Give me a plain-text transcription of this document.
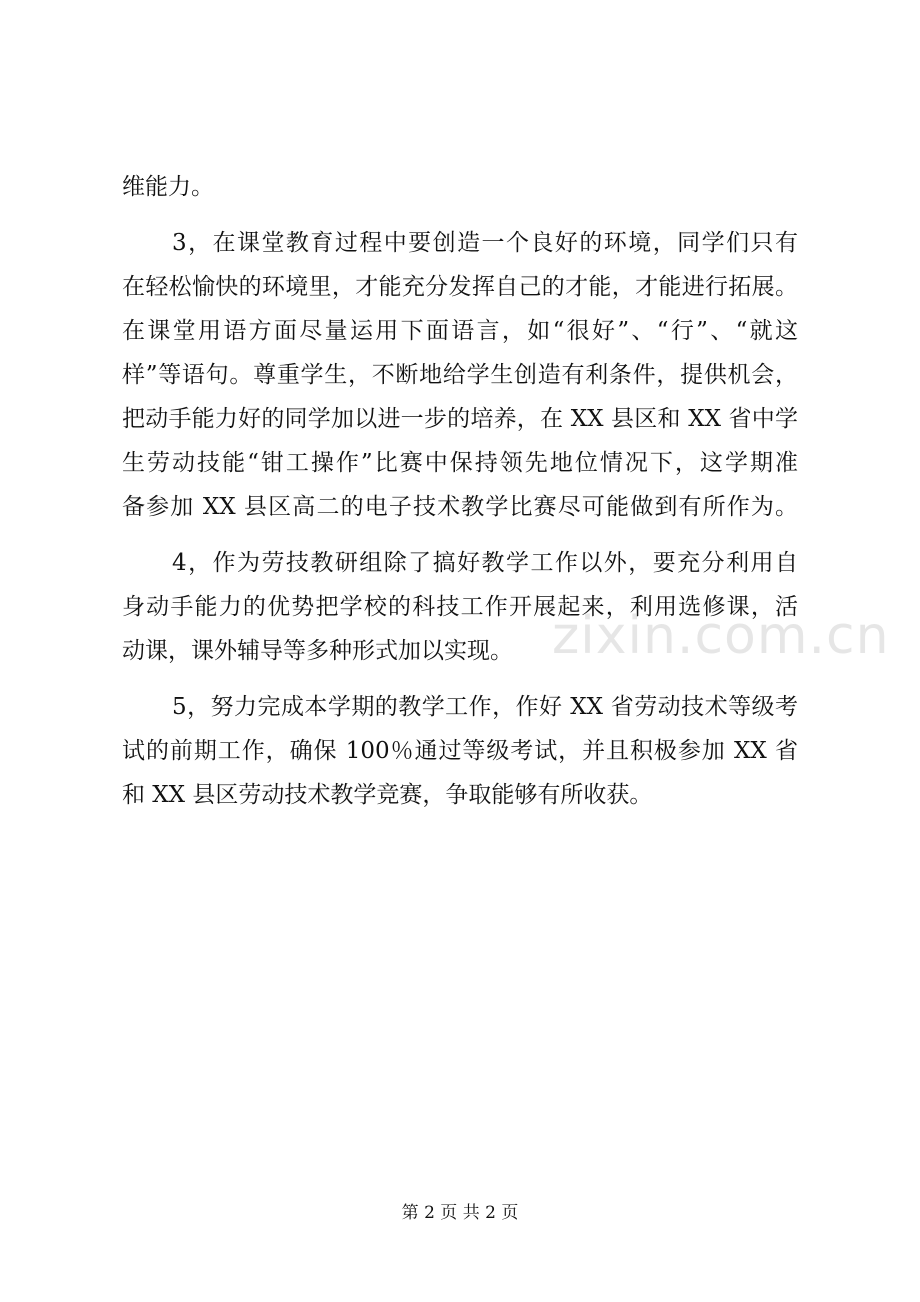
维能力。
3，在课堂教育过程中要创造一个良好的环境，同学们只有
在轻松愉快的环境里，才能充分发挥自己的才能，才能进行拓展。
在课堂用语方面尽量运用下面语言，如“很好”、“行”、“就这
样”等语句。尊重学生，不断地给学生创造有利条件，提供机会，
把动手能力好的同学加以进一步的培养，在 XX 县区和 XX 省中学
生劳动技能“钳工操作”比赛中保持领先地位情况下，这学期准
备参加 XX 县区高二的电子技术教学比赛尽可能做到有所作为。
4，作为劳技教研组除了搞好教学工作以外，要充分利用自
身动手能力的优势把学校的科技工作开展起来，利用选修课，活
动课，课外辅导等多种形式加以实现。
5，努力完成本学期的教学工作，作好 XX 省劳动技术等级考
试的前期工作，确保 100％通过等级考试，并且积极参加 XX 省
和 XX 县区劳动技术教学竞赛，争取能够有所收获。
zixin.com.cn
第 2 页 共 2 页
